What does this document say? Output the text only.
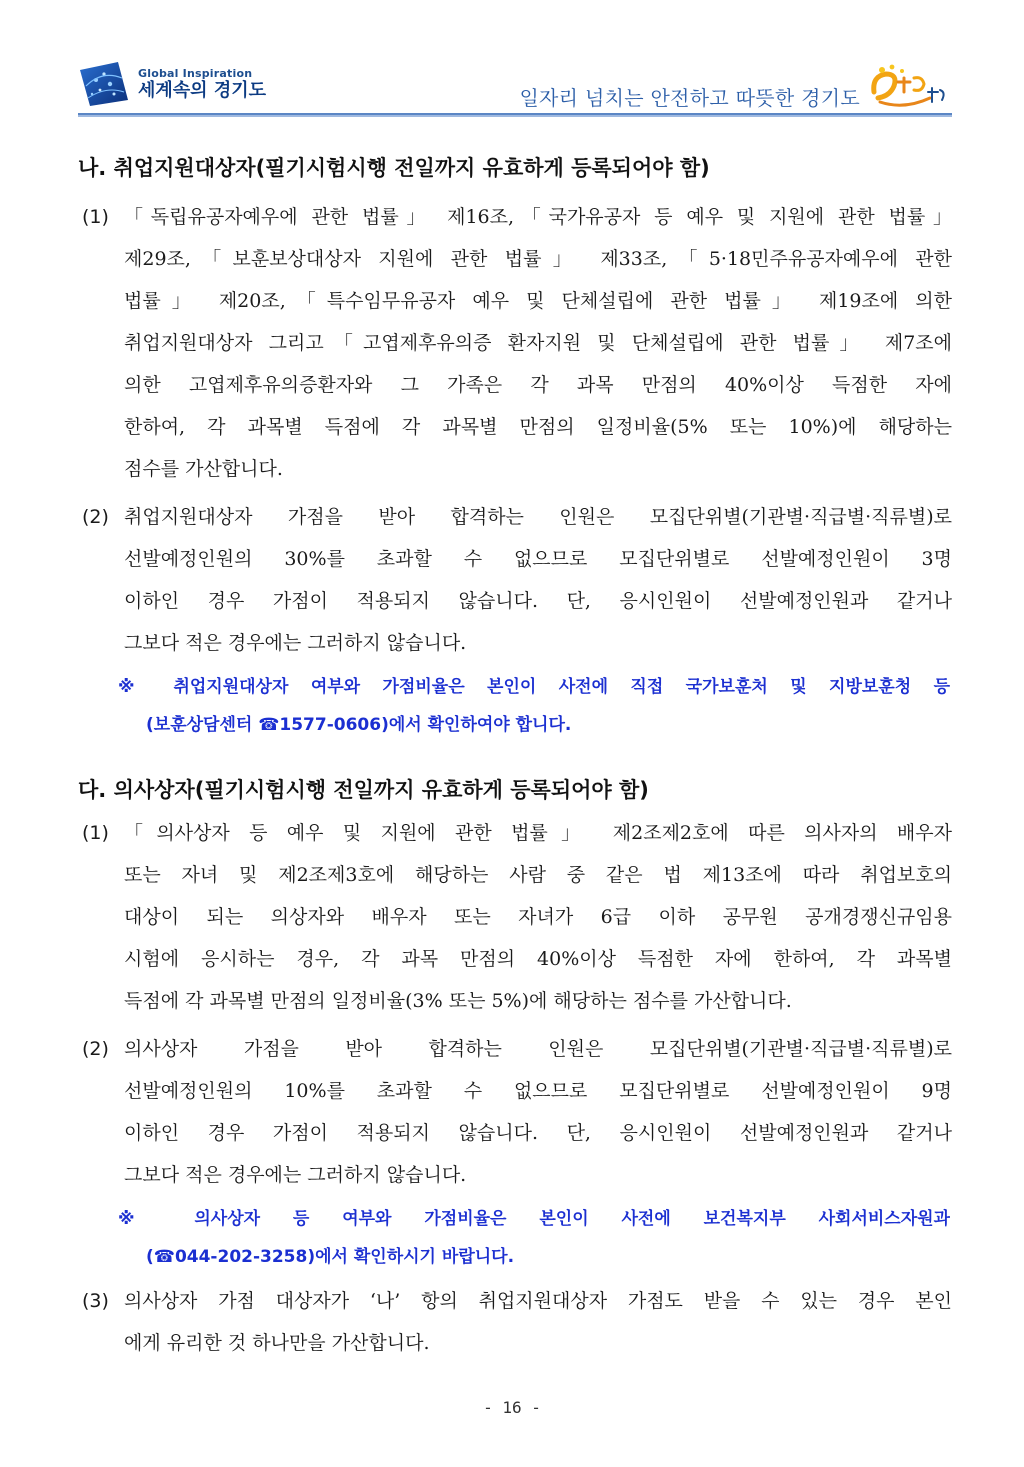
Global Inspiration
세계속의 경기도	일자리 넘치는 안전하고 따뜻한 경기도
나. 취업지원대상자(필기시험시행 전일까지 유효하게 등록되어야 함)
(1) 「독립유공자예우에 관한 법률」 제16조,「국가유공자 등 예우 및 지원에 관한 법률」
제29조,「보훈보상대상자 지원에 관한 법률」 제33조,「5·18민주유공자예우에 관한
법률」 제20조,「특수임무유공자 예우 및 단체설립에 관한 법률」 제19조에 의한
취업지원대상자 그리고「고엽제후유의증 환자지원 및 단체설립에 관한 법률」 제7조에
의한 고엽제후유의증환자와 그 가족은 각 과목 만점의 40%이상 득점한 자에
한하여, 각 과목별 득점에 각 과목별 만점의 일정비율(5% 또는 10%)에 해당하는
점수를 가산합니다.
(2) 취업지원대상자 가점을 받아 합격하는 인원은 모집단위별(기관별·직급별·직류별)로
선발예정인원의 30%를 초과할 수 없으므로 모집단위별로 선발예정인원이 3명
이하인 경우 가점이 적용되지 않습니다. 단, 응시인원이 선발예정인원과 같거나
그보다 적은 경우에는 그러하지 않습니다.
※ 취업지원대상자 여부와 가점비율은 본인이 사전에 직접 국가보훈처 및 지방보훈청 등
(보훈상담센터 ☎1577-0606)에서 확인하여야 합니다.
다. 의사상자(필기시험시행 전일까지 유효하게 등록되어야 함)
(1) 「의사상자 등 예우 및 지원에 관한 법률」 제2조제2호에 따른 의사자의 배우자
또는 자녀 및 제2조제3호에 해당하는 사람 중 같은 법 제13조에 따라 취업보호의
대상이 되는 의상자와 배우자 또는 자녀가 6급 이하 공무원 공개경쟁신규임용
시험에 응시하는 경우, 각 과목 만점의 40%이상 득점한 자에 한하여, 각 과목별
득점에 각 과목별 만점의 일정비율(3% 또는 5%)에 해당하는 점수를 가산합니다.
(2) 의사상자 가점을 받아 합격하는 인원은 모집단위별(기관별·직급별·직류별)로
선발예정인원의 10%를 초과할 수 없으므로 모집단위별로 선발예정인원이 9명
이하인 경우 가점이 적용되지 않습니다. 단, 응시인원이 선발예정인원과 같거나
그보다 적은 경우에는 그러하지 않습니다.
※ 의사상자 등 여부와 가점비율은 본인이 사전에 보건복지부 사회서비스자원과
(☎044-202-3258)에서 확인하시기 바랍니다.
(3) 의사상자 가점 대상자가 ‘나’ 항의 취업지원대상자 가점도 받을 수 있는 경우 본인
에게 유리한 것 하나만을 가산합니다.
- 16 -
